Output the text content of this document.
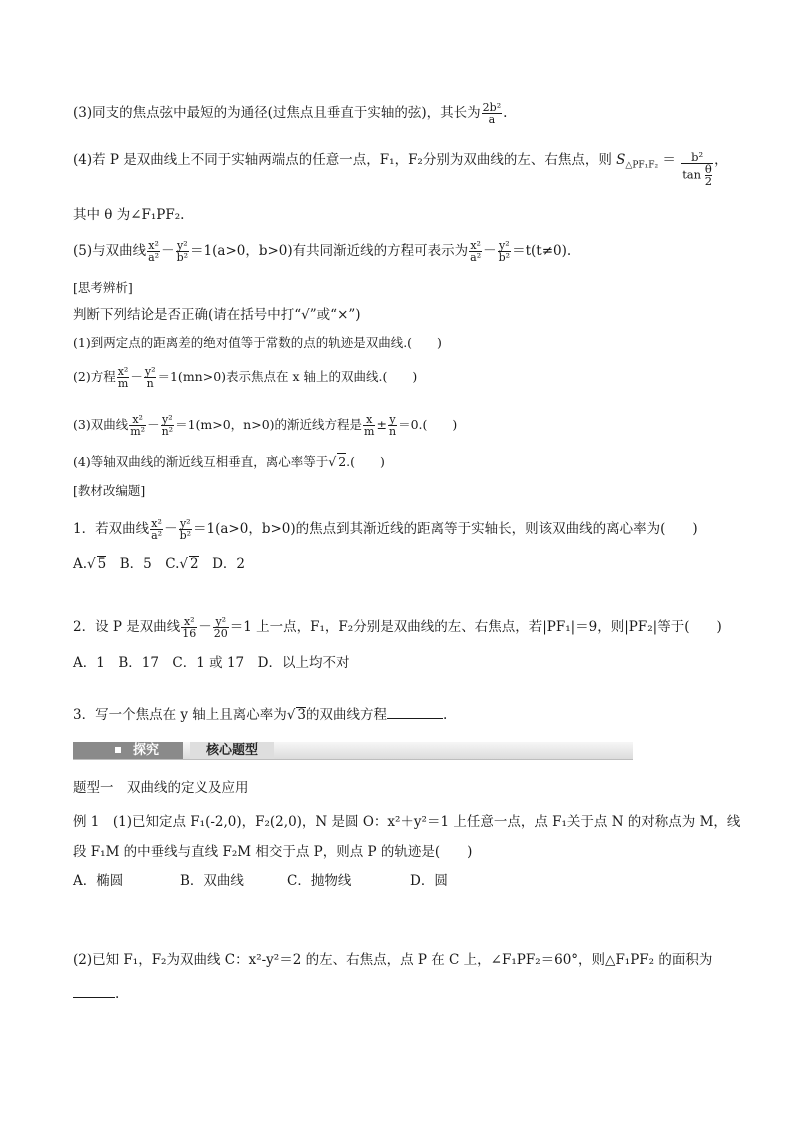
(3)同支的焦点弦中最短的为通径(过焦点且垂直于实轴的弦)，其长为 $\frac{\text{2b²}}{a}$ .
(4)若 P 是双曲线上不同于实轴两端点的任意一点，F₁，F₂分别为双曲线的左、右焦点，则 $S_{\triangle PF_1F_2} = \frac{\text{b²}}{\tan \frac{\theta}{2}}$ ，
其中 θ 为∠F₁PF₂.
(5)与双曲线 $\frac{\text{x²}}{\text{a²}} - \frac{\text{y²}}{\text{b²}} =1(a>0$，b>0)有共同渐近线的方程可表示为 $\frac{\text{x²}}{\text{a²}} - \frac{\text{y²}}{\text{b²}} =t(t\ne 0)$.
[思考辨析]
判断下列结论是否正确(请在括号中打“√”或“×”)
(1)到两定点的距离差的绝对值等于常数的点的轨迹是双曲线.(　　)
(2)方程 $\frac{\text{x²}}{m} - \frac{\text{y²}}{n} =1(mn>0)$表示焦点在 x 轴上的双曲线.(　　)
(3)双曲线 $\frac{\text{x²}}{\text{m²}} - \frac{\text{y²}}{\text{n²}} =1(m>0$，n>0)的渐近线方程是 $\frac{x}{m} \pm \frac{y}{n} =0$.(　　)
(4)等轴双曲线的渐近线互相垂直，离心率等于√ 2.(　　)
[教材改编题]
1．若双曲线 $\frac{\text{x²}}{\text{a²}} - \frac{\text{y²}}{\text{b²}} =1(a>0$，b>0)的焦点到其渐近线的距离等于实轴长，则该双曲线的离心率为(　　)
A.√ 5　B．5　C.√ 2　D．2
2．设 P 是双曲线 $\frac{\text{x²}}{16} - \frac{\text{y²}}{20} =1$ 上一点，F₁，F₂分别是双曲线的左、右焦点，若|PF₁|＝9，则|PF₂|等于(　　)
A．1　B．17　C．1 或 17　D．以上均不对
3．写一个焦点在 y 轴上且离心率为√ 3的双曲线方程	.
探究	核心题型
题型一　双曲线的定义及应用
例 1　(1)已知定点 F₁(-2,0)，F₂(2,0)，N 是圆 O：x²＋y²＝1 上任意一点，点 F₁关于点 N 的对称点为 M，线
段 F₁M 的中垂线与直线 F₂M 相交于点 P，则点 P 的轨迹是(　　)
A．椭圆	B．双曲线	C．抛物线	D．圆
(2)已知 F₁，F₂为双曲线 C：x²-y²＝2 的左、右焦点，点 P 在 C 上，∠F₁PF₂＝60°，则△F₁PF₂ 的面积为
.
